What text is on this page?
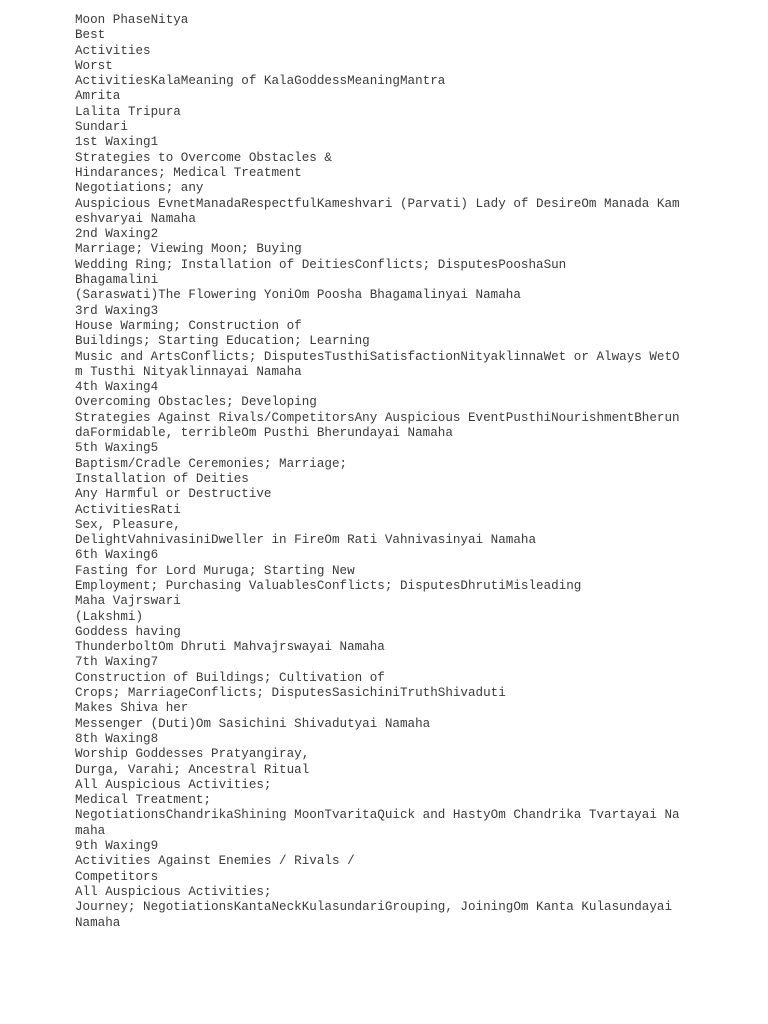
Moon PhaseNitya
Best
Activities
Worst
ActivitiesKalaMeaning of KalaGoddessMeaningMantra
Amrita
Lalita Tripura
Sundari
1st Waxing1
Strategies to Overcome Obstacles &
Hindarances; Medical Treatment
Negotiations; any
Auspicious EvnetManadaRespectfulKameshvari (Parvati) Lady of DesireOm Manada Kam
eshvaryai Namaha
2nd Waxing2
Marriage; Viewing Moon; Buying
Wedding Ring; Installation of DeitiesConflicts; DisputesPooshaSun
Bhagamalini
(Saraswati)The Flowering YoniOm Poosha Bhagamalinyai Namaha
3rd Waxing3
House Warming; Construction of
Buildings; Starting Education; Learning
Music and ArtsConflicts; DisputesTusthiSatisfactionNityaklinnaWet or Always WetO
m Tusthi Nityaklinnayai Namaha
4th Waxing4
Overcoming Obstacles; Developing
Strategies Against Rivals/CompetitorsAny Auspicious EventPusthiNourishmentBherun
daFormidable, terribleOm Pusthi Bherundayai Namaha
5th Waxing5
Baptism/Cradle Ceremonies; Marriage;
Installation of Deities
Any Harmful or Destructive
ActivitiesRati
Sex, Pleasure,
DelightVahnivasiniDweller in FireOm Rati Vahnivasinyai Namaha
6th Waxing6
Fasting for Lord Muruga; Starting New
Employment; Purchasing ValuablesConflicts; DisputesDhrutiMisleading
Maha Vajrswari
(Lakshmi)
Goddess having
ThunderboltOm Dhruti Mahvajrswayai Namaha
7th Waxing7
Construction of Buildings; Cultivation of
Crops; MarriageConflicts; DisputesSasichiniTruthShivaduti
Makes Shiva her
Messenger (Duti)Om Sasichini Shivadutyai Namaha
8th Waxing8
Worship Goddesses Pratyangiray,
Durga, Varahi; Ancestral Ritual
All Auspicious Activities;
Medical Treatment;
NegotiationsChandrikaShining MoonTvaritaQuick and HastyOm Chandrika Tvartayai Na
maha
9th Waxing9
Activities Against Enemies / Rivals /
Competitors
All Auspicious Activities;
Journey; NegotiationsKantaNeckKulasundariGrouping, JoiningOm Kanta Kulasundayai
Namaha
